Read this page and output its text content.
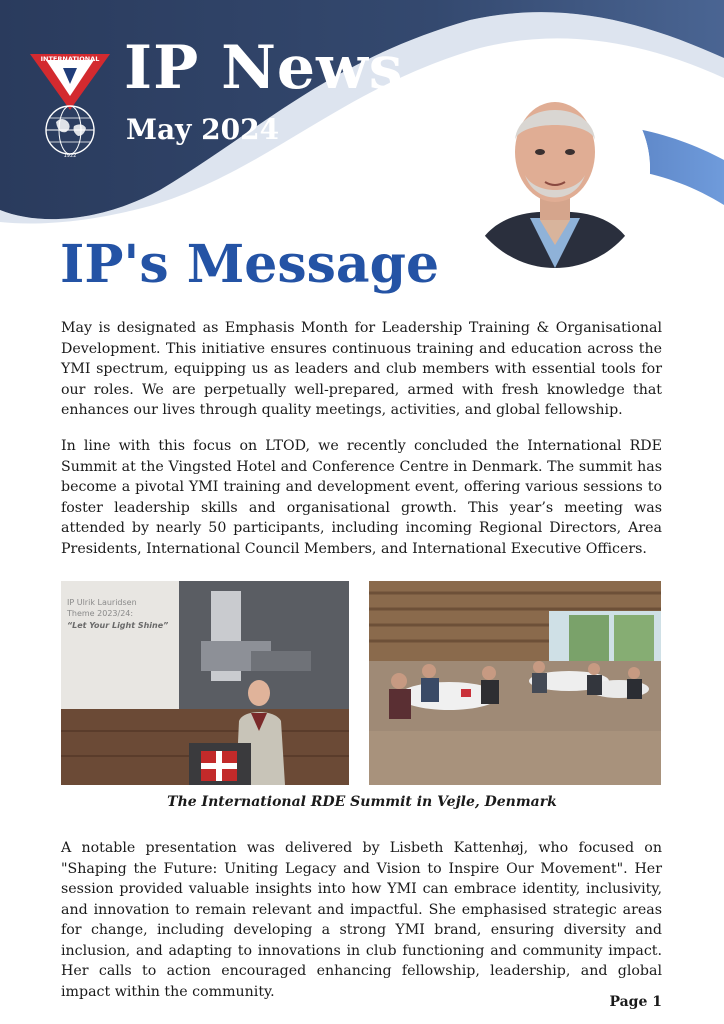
INTERNATIONAL
1922
IP News
May 2024
IP's Message

May is designated as Emphasis Month for Leadership Training & Organisational Development. This initiative ensures continuous training and education across the YMI spectrum, equipping us as leaders and club members with essential tools for our roles. We are perpetually well-prepared, armed with fresh knowledge that enhances our lives through quality meetings, activities, and global fellowship.

In line with this focus on LTOD, we recently concluded the International RDE Summit at the Vingsted Hotel and Conference Centre in Denmark. The summit has become a pivotal YMI training and development event, offering various sessions to foster leadership skills and organisational growth. This year’s meeting was attended by nearly 50 participants, including incoming Regional Directors, Area Presidents, International Council Members, and International Executive Officers.

IP Ulrik Lauridsen
Theme 2023/24:
“Let Your Light Shine”
The International RDE Summit in Vejle, Denmark

A notable presentation was delivered by Lisbeth Kattenhøj, who focused on "Shaping the Future: Uniting Legacy and Vision to Inspire Our Movement". Her session provided valuable insights into how YMI can embrace identity, inclusivity, and innovation to remain relevant and impactful. She emphasised strategic areas for change, including developing a strong YMI brand, ensuring diversity and inclusion, and adapting to innovations in club functioning and community impact. Her calls to action encouraged enhancing fellowship, leadership, and global impact within the community.

Page 1
